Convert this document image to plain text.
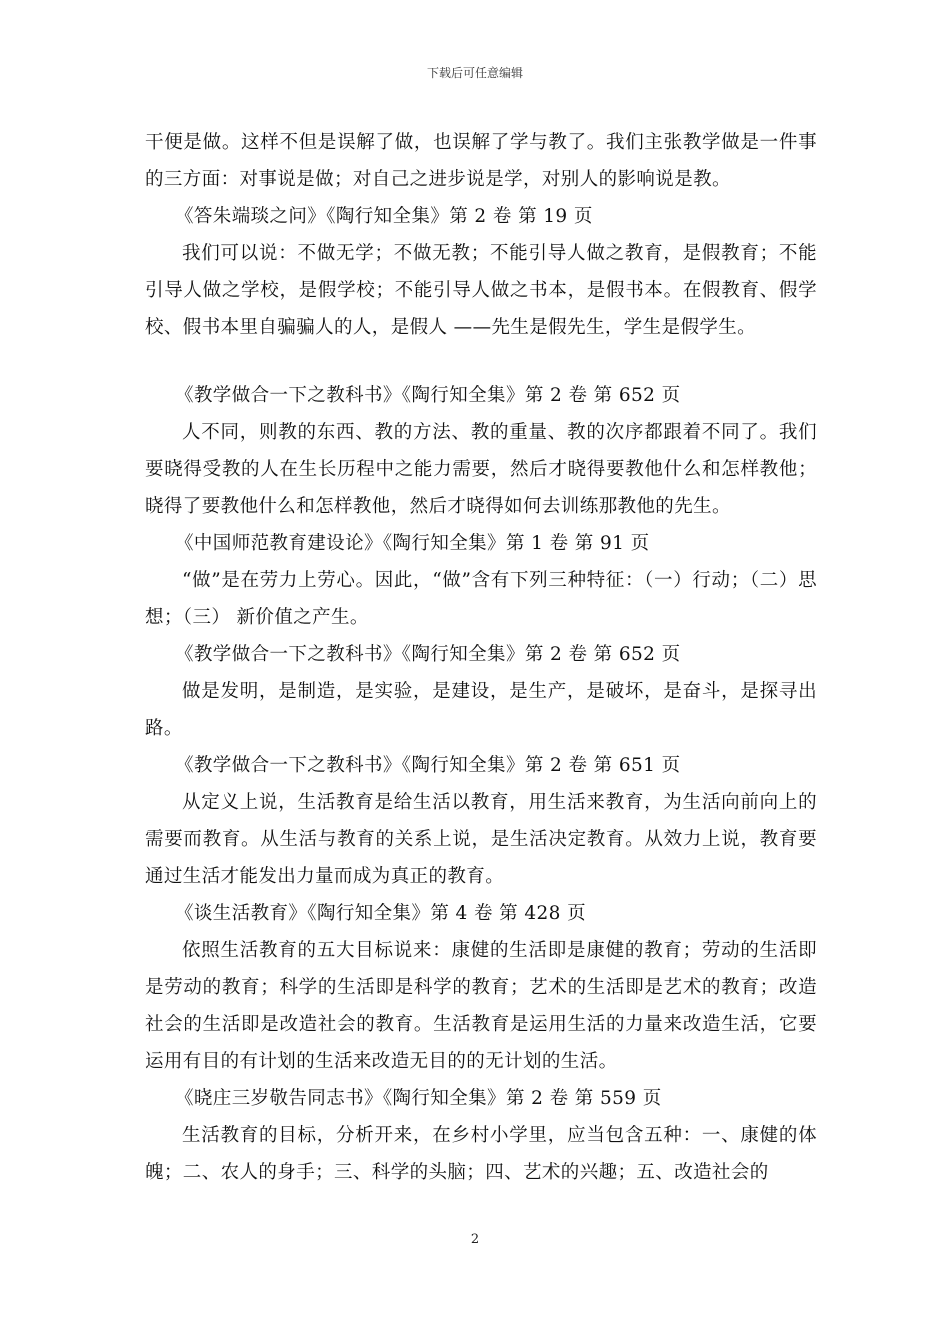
下载后可任意编辑

干便是做。这样不但是误解了做，也误解了学与教了。我们主张教学做是一件事的三方面：对事说是做；对自己之进步说是学，对别人的影响说是教。

《答朱端琰之问》《陶行知全集》第 2 卷 第 19 页

我们可以说：不做无学；不做无教；不能引导人做之教育，是假教育；不能引导人做之学校，是假学校；不能引导人做之书本，是假书本。在假教育、假学校、假书本里自骗骗人的人，是假人 ——先生是假先生，学生是假学生。

《教学做合一下之教科书》《陶行知全集》第 2 卷 第 652 页

人不同，则教的东西、教的方法、教的重量、教的次序都跟着不同了。我们要晓得受教的人在生长历程中之能力需要，然后才晓得要教他什么和怎样教他；晓得了要教他什么和怎样教他，然后才晓得如何去训练那教他的先生。

《中国师范教育建设论》《陶行知全集》第 1 卷 第 91 页

“做”是在劳力上劳心。因此，“做”含有下列三种特征：（一）行动；（二）思想；（三） 新价值之产生。

《教学做合一下之教科书》《陶行知全集》第 2 卷 第 652 页

做是发明，是制造，是实验，是建设，是生产，是破坏，是奋斗，是探寻出路。

《教学做合一下之教科书》《陶行知全集》第 2 卷 第 651 页

从定义上说，生活教育是给生活以教育，用生活来教育，为生活向前向上的需要而教育。从生活与教育的关系上说，是生活决定教育。从效力上说，教育要通过生活才能发出力量而成为真正的教育。

《谈生活教育》《陶行知全集》第 4 卷 第 428 页

依照生活教育的五大目标说来：康健的生活即是康健的教育；劳动的生活即是劳动的教育；科学的生活即是科学的教育；艺术的生活即是艺术的教育；改造社会的生活即是改造社会的教育。生活教育是运用生活的力量来改造生活，它要运用有目的有计划的生活来改造无目的的无计划的生活。

《晓庄三岁敬告同志书》《陶行知全集》第 2 卷 第 559 页

生活教育的目标，分析开来，在乡村小学里，应当包含五种：一、康健的体魄；二、农人的身手；三、科学的头脑；四、艺术的兴趣；五、改造社会的

2
